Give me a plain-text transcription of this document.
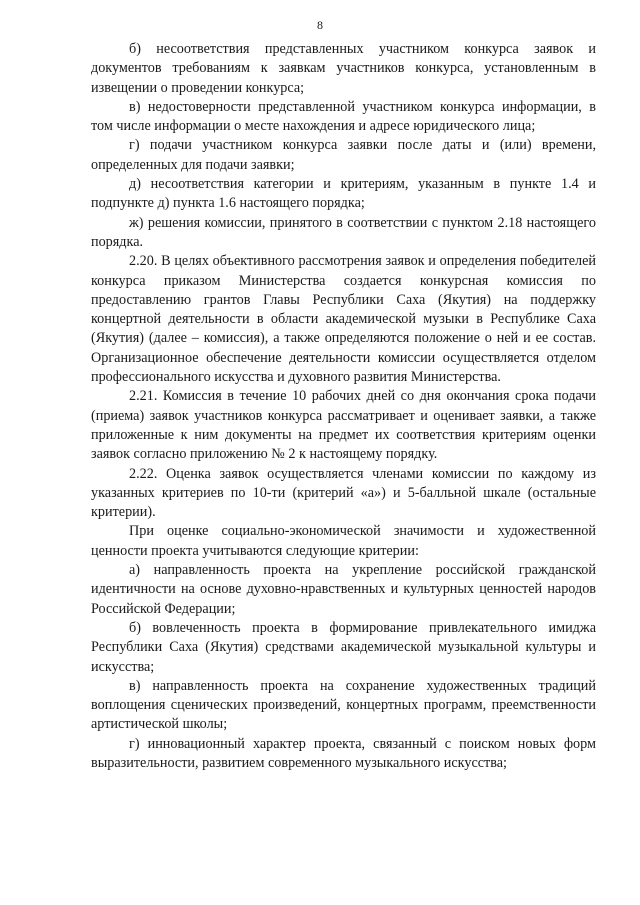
8

б) несоответствия представленных участником конкурса заявок и документов требованиям к заявкам участников конкурса, установленным в извещении о проведении конкурса;

в) недостоверности представленной участником конкурса информации, в том числе информации о месте нахождения и адресе юридического лица;

г) подачи участником конкурса заявки после даты и (или) времени, определенных для подачи заявки;

д) несоответствия категории и критериям, указанным в пункте 1.4 и подпункте д) пункта 1.6 настоящего порядка;

ж) решения комиссии, принятого в соответствии с пунктом 2.18 настоящего порядка.

2.20. В целях объективного рассмотрения заявок и определения победителей конкурса приказом Министерства создается конкурсная комиссия по предоставлению грантов Главы Республики Саха (Якутия) на поддержку концертной деятельности в области академической музыки в Республике Саха (Якутия) (далее – комиссия), а также определяются положение о ней и ее состав. Организационное обеспечение деятельности комиссии осуществляется отделом профессионального искусства и духовного развития Министерства.

2.21. Комиссия в течение 10 рабочих дней со дня окончания срока подачи (приема) заявок участников конкурса рассматривает и оценивает заявки, а также приложенные к ним документы на предмет их соответствия критериям оценки заявок согласно приложению № 2 к настоящему порядку.

2.22. Оценка заявок осуществляется членами комиссии по каждому из указанных критериев по 10-ти (критерий «а») и 5-балльной шкале (остальные критерии).

При оценке социально-экономической значимости и художественной ценности проекта учитываются следующие критерии:

а) направленность проекта на укрепление российской гражданской идентичности на основе духовно-нравственных и культурных ценностей народов Российской Федерации;

б) вовлеченность проекта в формирование привлекательного имиджа Республики Саха (Якутия) средствами академической музыкальной культуры и искусства;

в) направленность проекта на сохранение художественных традиций воплощения сценических произведений, концертных программ, преемственности артистической школы;

г) инновационный характер проекта, связанный с поиском новых форм выразительности, развитием современного музыкального искусства;
